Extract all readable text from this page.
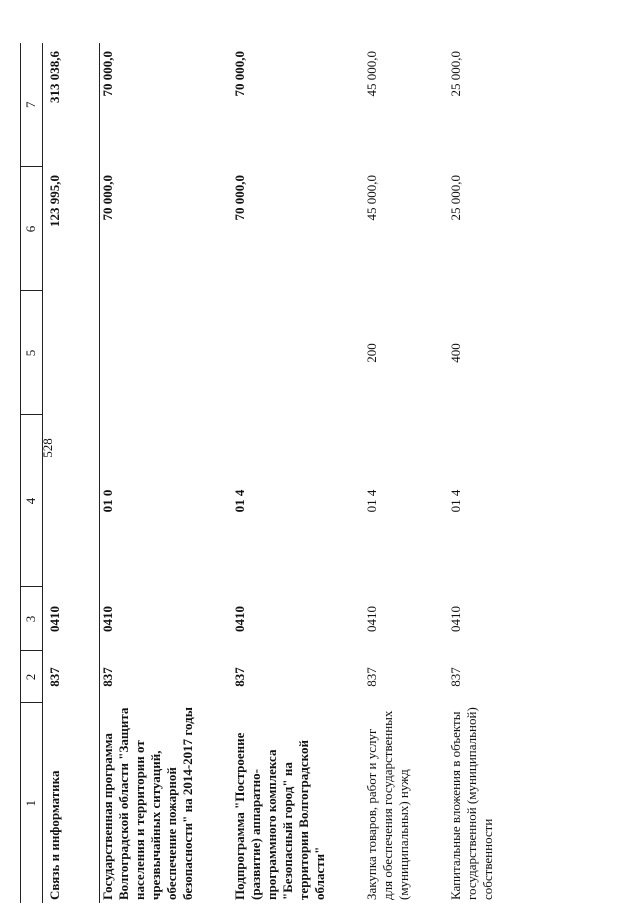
528
1	2	3	4	5	6	7
Связь и информатика	837	0410			123 995,0	313 038,6
Государственная программа Волгоградской области "Защита населения и территории от чрезвычайных ситуаций, обеспечение пожарной безопасности" на 2014-2017 годы	837	0410	01 0		70 000,0	70 000,0
Подпрограмма "Построение (развитие) аппаратно-программного комплекса "Безопасный город" на территории Волгоградской области"	837	0410	01 4		70 000,0	70 000,0
Закупка товаров, работ и услуг для обеспечения государственных (муниципальных) нужд	837	0410	01 4	200	45 000,0	45 000,0
Капитальные вложения в объекты государственной (муниципальной) собственности	837	0410	01 4	400	25 000,0	25 000,0
